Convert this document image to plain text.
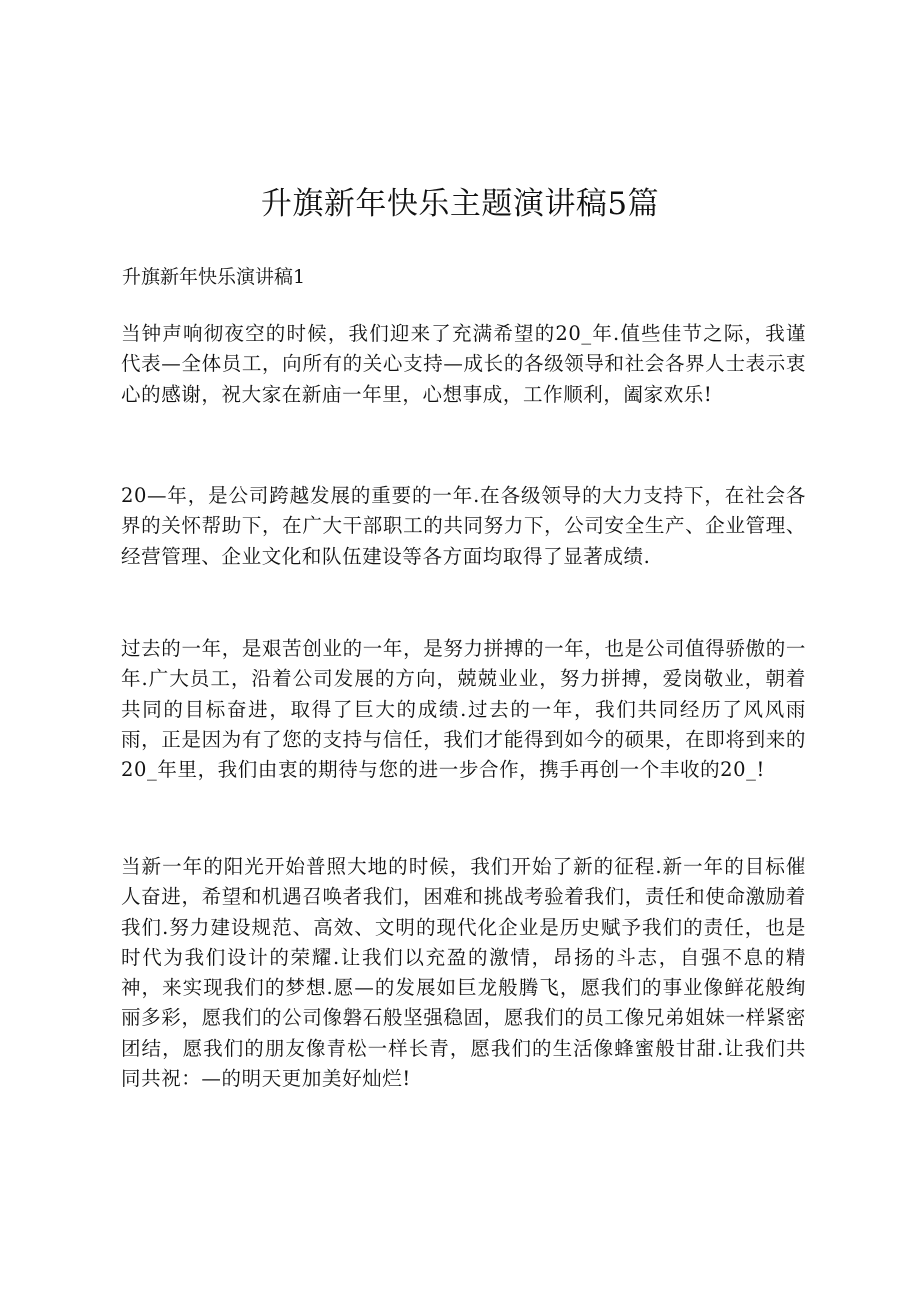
升旗新年快乐主题演讲稿5篇

升旗新年快乐演讲稿1

当钟声响彻夜空的时候，我们迎来了充满希望的20_年.值些佳节之际，我谨代表—全体员工，向所有的关心支持—成长的各级领导和社会各界人士表示衷心的感谢，祝大家在新庙一年里，心想事成，工作顺利，阖家欢乐!

20—年，是公司跨越发展的重要的一年.在各级领导的大力支持下，在社会各界的关怀帮助下，在广大干部职工的共同努力下，公司安全生产、企业管理、经营管理、企业文化和队伍建设等各方面均取得了显著成绩.

过去的一年，是艰苦创业的一年，是努力拼搏的一年，也是公司值得骄傲的一年.广大员工，沿着公司发展的方向，兢兢业业，努力拼搏，爱岗敬业，朝着共同的目标奋进，取得了巨大的成绩.过去的一年，我们共同经历了风风雨雨，正是因为有了您的支持与信任，我们才能得到如今的硕果，在即将到来的20_年里，我们由衷的期待与您的进一步合作，携手再创一个丰收的20_!

当新一年的阳光开始普照大地的时候，我们开始了新的征程.新一年的目标催人奋进，希望和机遇召唤者我们，困难和挑战考验着我们，责任和使命激励着我们.努力建设规范、高效、文明的现代化企业是历史赋予我们的责任，也是时代为我们设计的荣耀.让我们以充盈的激情，昂扬的斗志，自强不息的精神，来实现我们的梦想.愿—的发展如巨龙般腾飞，愿我们的事业像鲜花般绚丽多彩，愿我们的公司像磐石般坚强稳固，愿我们的员工像兄弟姐妹一样紧密团结，愿我们的朋友像青松一样长青，愿我们的生活像蜂蜜般甘甜.让我们共同共祝：—的明天更加美好灿烂!
